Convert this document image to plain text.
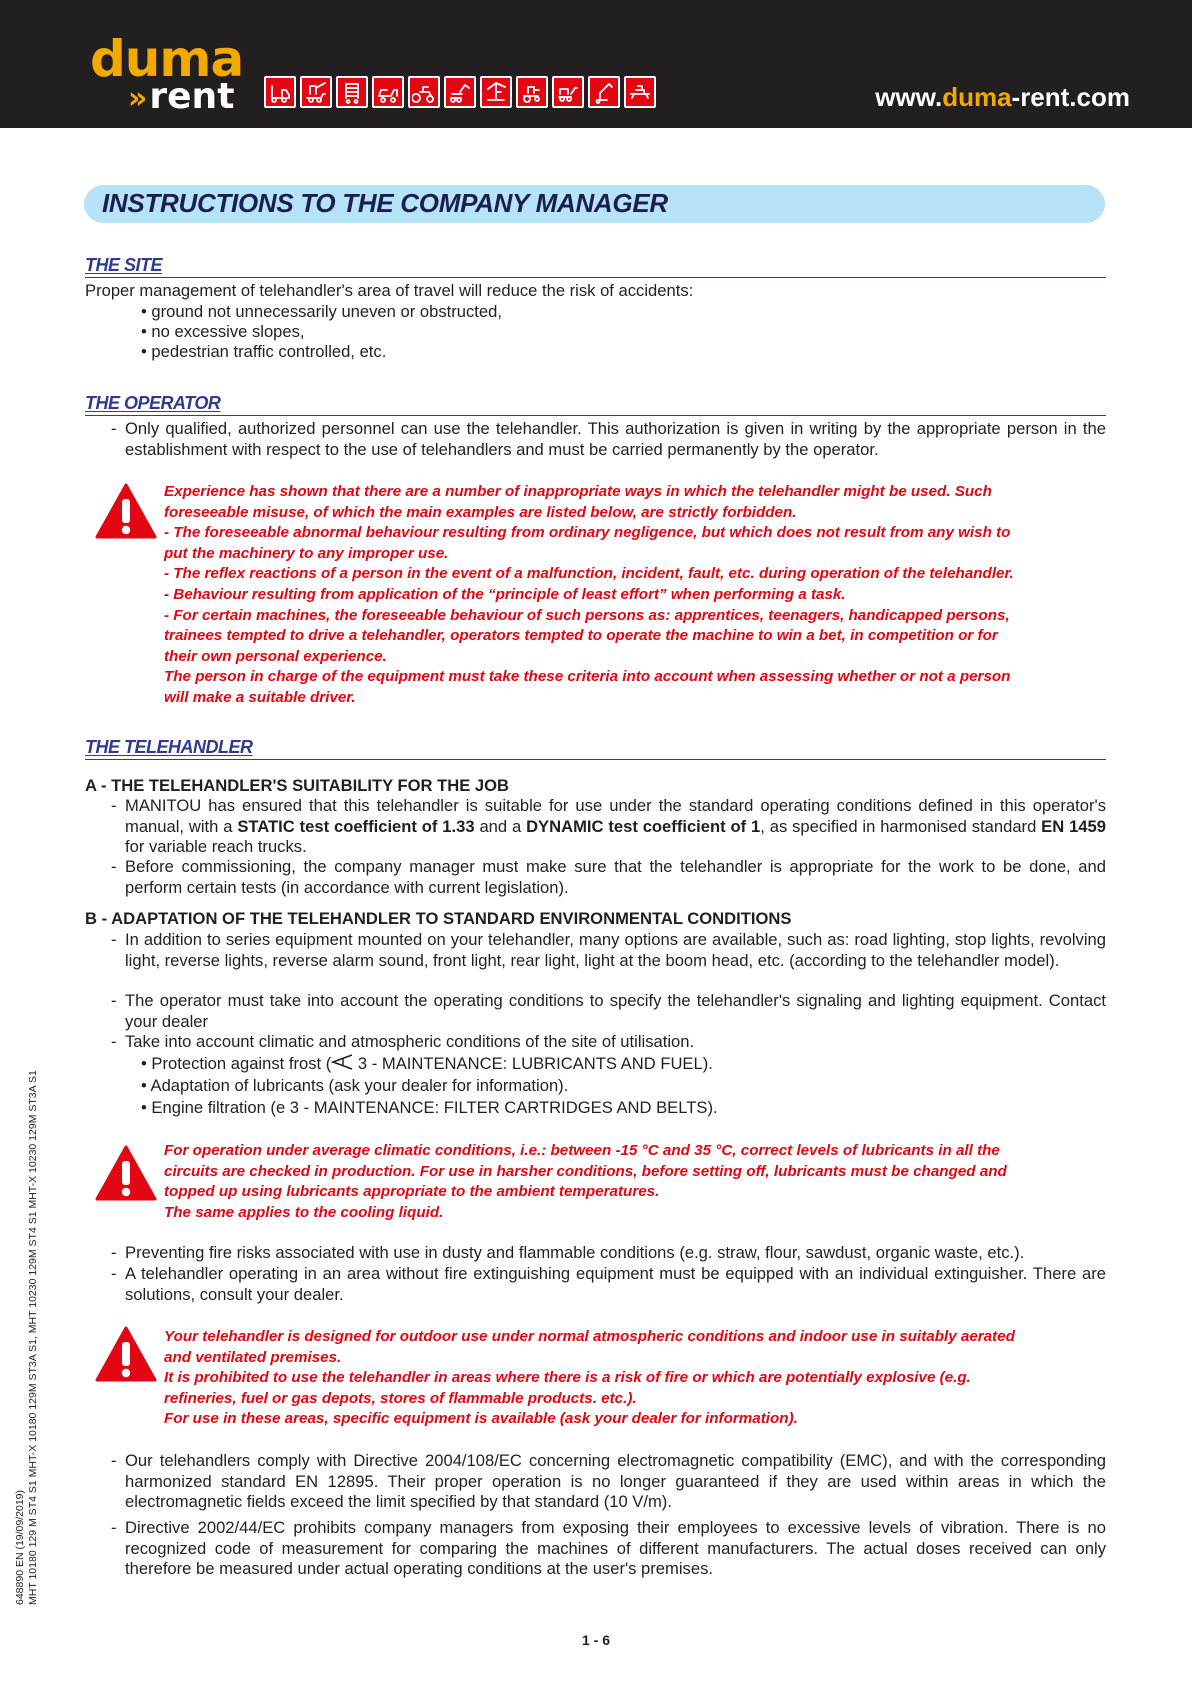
duma
»rent	www.duma-rent.com
INSTRUCTIONS TO THE COMPANY MANAGER
THE SITE
Proper management of telehandler's area of travel will reduce the risk of accidents:
• ground not unnecessarily uneven or obstructed,
• no excessive slopes,
• pedestrian traffic controlled, etc.
THE OPERATOR
- Only qualified, authorized personnel can use the telehandler. This authorization is given in writing by the appropriate person in the establishment with respect to the use of telehandlers and must be carried permanently by the operator.
Experience has shown that there are a number of inappropriate ways in which the telehandler might be used. Such
foreseeable misuse, of which the main examples are listed below, are strictly forbidden.
- The foreseeable abnormal behaviour resulting from ordinary negligence, but which does not result from any wish to
put the machinery to any improper use.
- The reflex reactions of a person in the event of a malfunction, incident, fault, etc. during operation of the telehandler.
- Behaviour resulting from application of the “principle of least effort” when performing a task.
- For certain machines, the foreseeable behaviour of such persons as: apprentices, teenagers, handicapped persons,
trainees tempted to drive a telehandler, operators tempted to operate the machine to win a bet, in competition or for
their own personal experience.
The person in charge of the equipment must take these criteria into account when assessing whether or not a person
will make a suitable driver.
THE TELEHANDLER
A - THE TELEHANDLER'S SUITABILITY FOR THE JOB
- MANITOU has ensured that this telehandler is suitable for use under the standard operating conditions defined in this operator's manual, with a STATIC test coefficient of 1.33 and a DYNAMIC test coefficient of 1, as specified in harmonised standard EN 1459 for variable reach trucks.
- Before commissioning, the company manager must make sure that the telehandler is appropriate for the work to be done, and perform certain tests (in accordance with current legislation).
B - ADAPTATION OF THE TELEHANDLER TO STANDARD ENVIRONMENTAL CONDITIONS
- In addition to series equipment mounted on your telehandler, many options are available, such as: road lighting, stop lights, revolving light, reverse lights, reverse alarm sound, front light, rear light, light at the boom head, etc. (according to the telehandler model).
- The operator must take into account the operating conditions to specify the telehandler's signaling and lighting equipment. Contact your dealer
- Take into account climatic and atmospheric conditions of the site of utilisation.
• Protection against frost ( 3 - MAINTENANCE: LUBRICANTS AND FUEL).
• Adaptation of lubricants (ask your dealer for information).
• Engine filtration (e 3 - MAINTENANCE: FILTER CARTRIDGES AND BELTS).
For operation under average climatic conditions, i.e.: between -15 °C and 35 °C, correct levels of lubricants in all the
circuits are checked in production. For use in harsher conditions, before setting off, lubricants must be changed and
topped up using lubricants appropriate to the ambient temperatures.
The same applies to the cooling liquid.
- Preventing fire risks associated with use in dusty and flammable conditions (e.g. straw, flour, sawdust, organic waste, etc.).
- A telehandler operating in an area without fire extinguishing equipment must be equipped with an individual extinguisher. There are solutions, consult your dealer.
Your telehandler is designed for outdoor use under normal atmospheric conditions and indoor use in suitably aerated
and ventilated premises.
It is prohibited to use the telehandler in areas where there is a risk of fire or which are potentially explosive (e.g.
refineries, fuel or gas depots, stores of flammable products. etc.).
For use in these areas, specific equipment is available (ask your dealer for information).
- Our telehandlers comply with Directive 2004/108/EC concerning electromagnetic compatibility (EMC), and with the corresponding harmonized standard EN 12895. Their proper operation is no longer guaranteed if they are used within areas in which the electromagnetic fields exceed the limit specified by that standard (10 V/m).
- Directive 2002/44/EC prohibits company managers from exposing their employees to excessive levels of vibration. There is no recognized code of measurement for comparing the machines of different manufacturers. The actual doses received can only therefore be measured under actual operating conditions at the user's premises.
648890 EN (19/09/2019) MHT 10180 129 M ST4 S1 MHT-X 10180 129M ST3A S1, MHT 10230 129M ST4 S1 MHT-X 10230 129M ST3A S1
1 - 6
